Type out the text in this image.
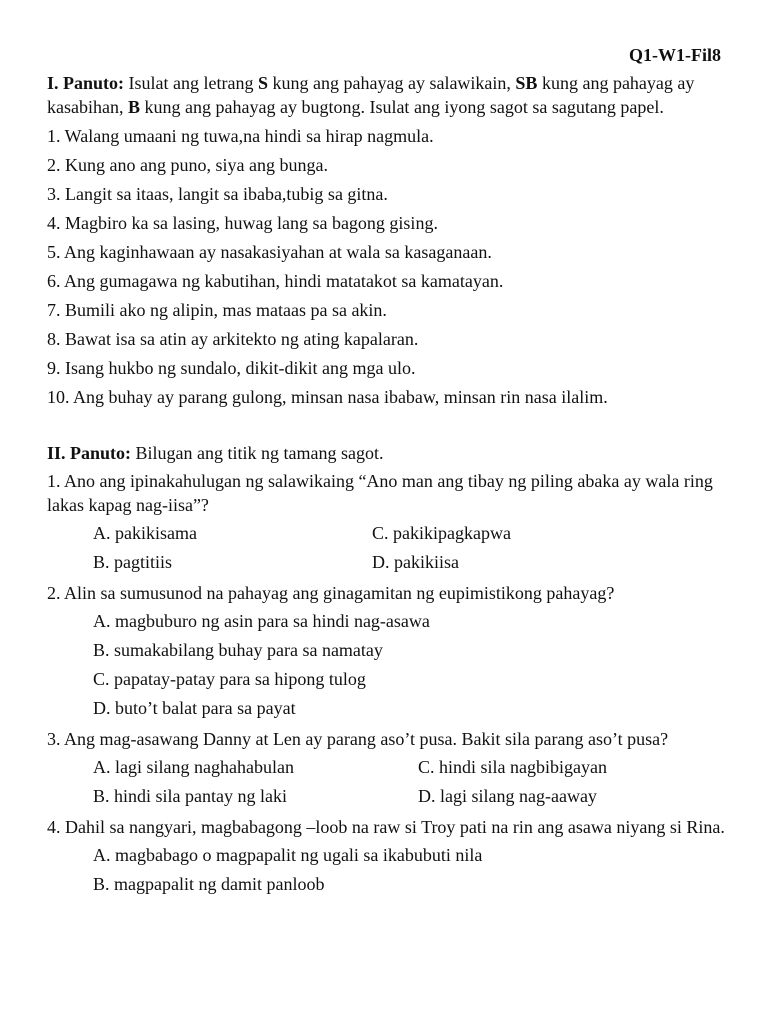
Q1-W1-Fil8

I. Panuto: Isulat ang letrang S kung ang pahayag ay salawikain, SB kung ang pahayag ay kasabihan, B kung ang pahayag ay bugtong. Isulat ang iyong sagot sa sagutang papel.

1. Walang umaani ng tuwa,na hindi sa hirap nagmula.

2. Kung ano ang puno, siya ang bunga.

3. Langit sa itaas, langit sa ibaba,tubig sa gitna.

4. Magbiro ka sa lasing, huwag lang sa bagong gising.

5. Ang kaginhawaan ay nasakasiyahan at wala sa kasaganaan.

6. Ang gumagawa ng kabutihan, hindi matatakot sa kamatayan.

7. Bumili ako ng alipin, mas mataas pa sa akin.

8. Bawat isa sa atin ay arkitekto ng ating kapalaran.

9. Isang hukbo ng sundalo, dikit-dikit ang mga ulo.

10. Ang buhay ay parang gulong, minsan nasa ibabaw, minsan rin nasa ilalim.

II. Panuto: Bilugan ang titik ng tamang sagot.

1. Ano ang ipinakahulugan ng salawikaing “Ano man ang tibay ng piling abaka ay wala ring lakas kapag nag-iisa”?

A. pakikisama
B. pagtitiis
C. pakikipagkapwa
D. pakikiisa

2. Alin sa sumusunod na pahayag ang ginagamitan ng eupimistikong pahayag?

A. magbuburo ng asin para sa hindi nag-asawa
B. sumakabilang buhay para sa namatay
C. papatay-patay para sa hipong tulog
D. buto’t balat para sa payat

3. Ang mag-asawang Danny at Len ay parang aso’t pusa. Bakit sila parang aso’t pusa?

A. lagi silang naghahabulan
B. hindi sila pantay ng laki
C. hindi sila nagbibigayan
D. lagi silang nag-aaway

4. Dahil sa nangyari, magbabagong –loob na raw si Troy pati na rin ang asawa niyang si Rina.

A. magbabago o magpapalit ng ugali sa ikabubuti nila
B. magpapalit ng damit panloob
